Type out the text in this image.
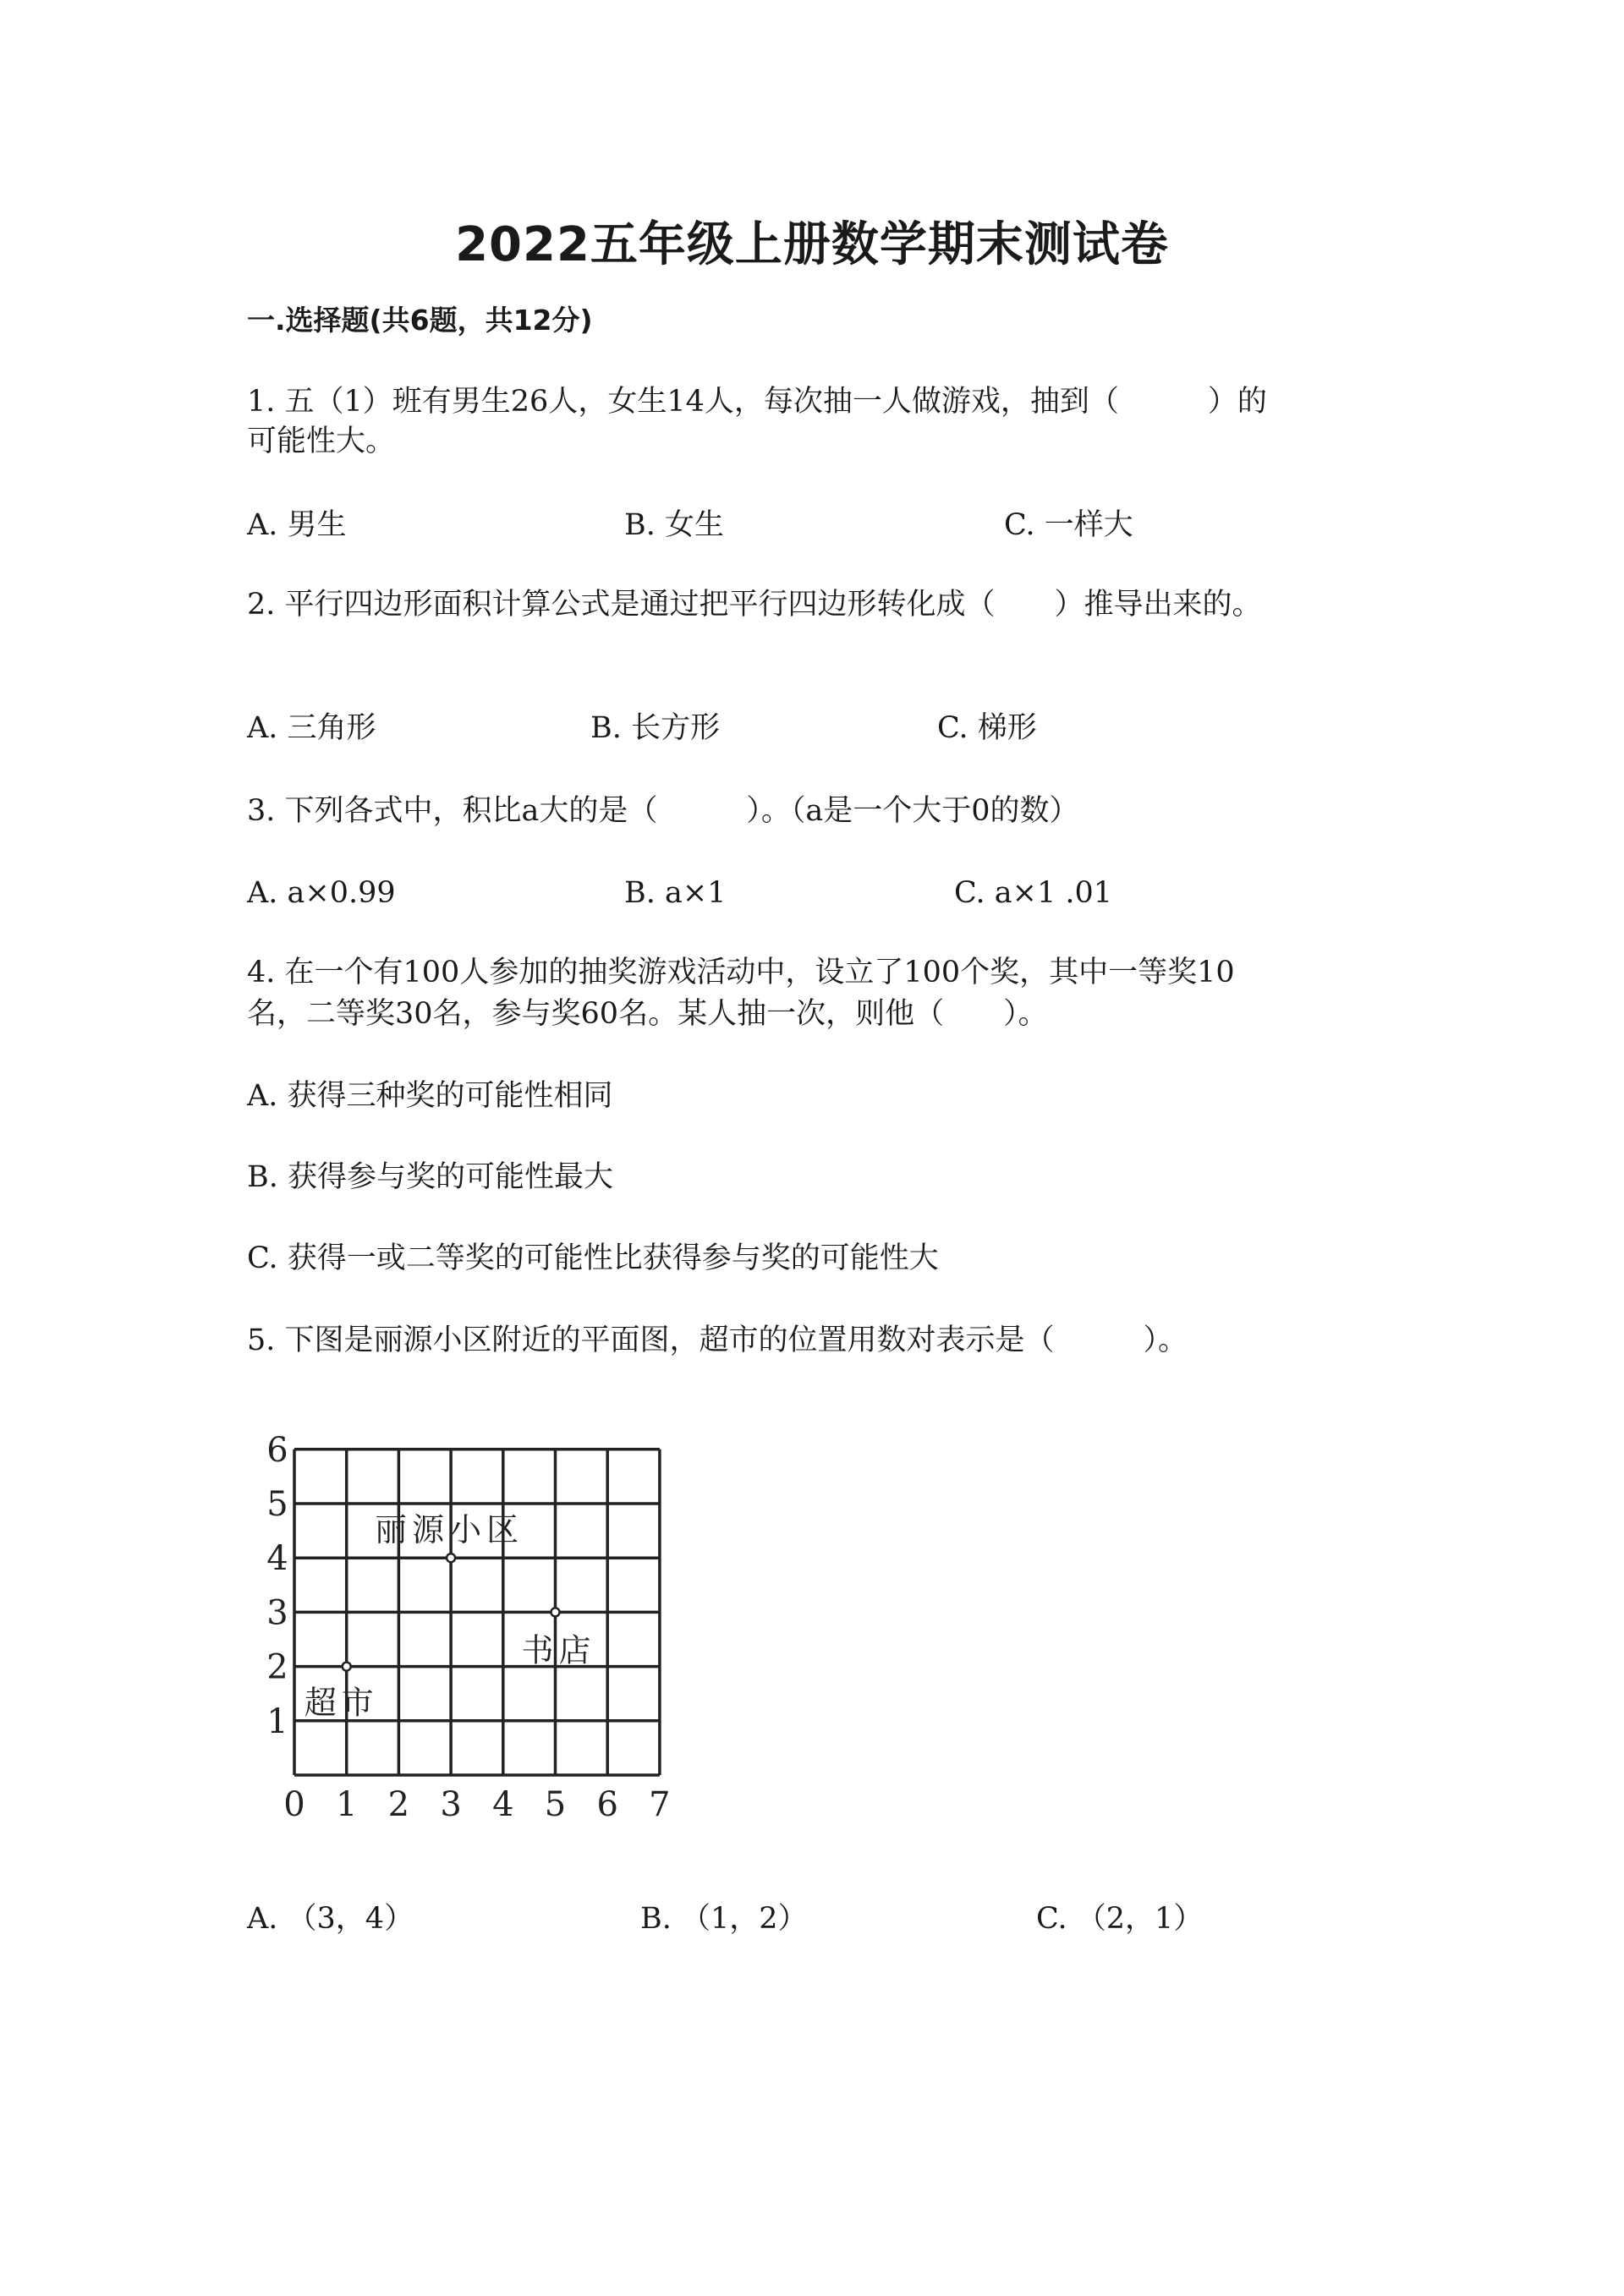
2022五年级上册数学期末测试卷
一.选择题(共6题，共12分)
1. 五（1）班有男生26人，女生14人，每次抽一人做游戏，抽到（　　　）的
可能性大。
A. 男生	B. 女生	C. 一样大
2. 平行四边形面积计算公式是通过把平行四边形转化成（　　）推导出来的。
A. 三角形	B. 长方形	C. 梯形
3. 下列各式中，积比a大的是（　　　）。（a是一个大于0的数）
A. a×0.99	B. a×1	C. a×1 .01
4. 在一个有100人参加的抽奖游戏活动中，设立了100个奖，其中一等奖10
名，二等奖30名，参与奖60名。某人抽一次，则他（　　）。
A. 获得三种奖的可能性相同
B. 获得参与奖的可能性最大
C. 获得一或二等奖的可能性比获得参与奖的可能性大
5. 下图是丽源小区附近的平面图，超市的位置用数对表示是（　　　）。
0 1 2 3 4 5 6 7
1
2
3
4
5
6
丽源小区
书店
超市
A. （3，4）	B. （1，2）	C. （2，1）
